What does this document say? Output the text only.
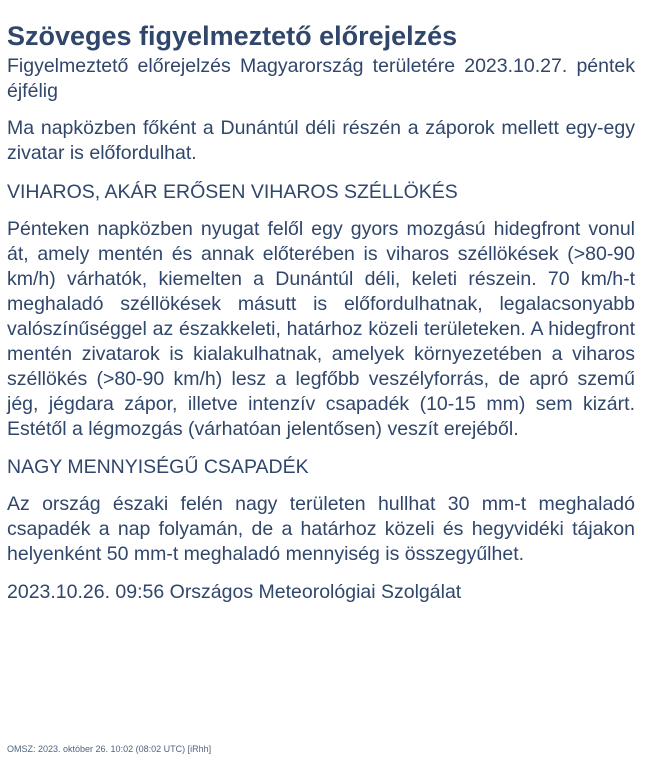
Szöveges figyelmeztető előrejelzés

Figyelmeztető előrejelzés Magyarország területére 2023.10.27. péntek éjfélig

Ma napközben főként a Dunántúl déli részén a záporok mellett egy-egy zivatar is előfordulhat.

VIHAROS, AKÁR ERŐSEN VIHAROS SZÉLLÖKÉS

Pénteken napközben nyugat felől egy gyors mozgású hidegfront vonul át, amely mentén és annak előterében is viharos széllökések (>80-90 km/h) várhatók, kiemelten a Dunántúl déli, keleti részein. 70 km/h-t meghaladó széllökések másutt is előfordulhatnak, legalacsonyabb valószínűséggel az északkeleti, határhoz közeli területeken. A hidegfront mentén zivatarok is kialakulhatnak, amelyek környezetében a viharos széllökés (>80-90 km/h) lesz a legfőbb veszélyforrás, de apró szemű jég, jégdara zápor, illetve intenzív csapadék (10-15 mm) sem kizárt. Estétől a légmozgás (várhatóan jelentősen) veszít erejéből.

NAGY MENNYISÉGŰ CSAPADÉK

Az ország északi felén nagy területen hullhat 30 mm-t meghaladó csapadék a nap folyamán, de a határhoz közeli és hegyvidéki tájakon helyenként 50 mm-t meghaladó mennyiség is összegyűlhet.

2023.10.26. 09:56 Országos Meteorológiai Szolgálat

OMSZ: 2023. október 26. 10:02 (08:02 UTC) [iRhh]
